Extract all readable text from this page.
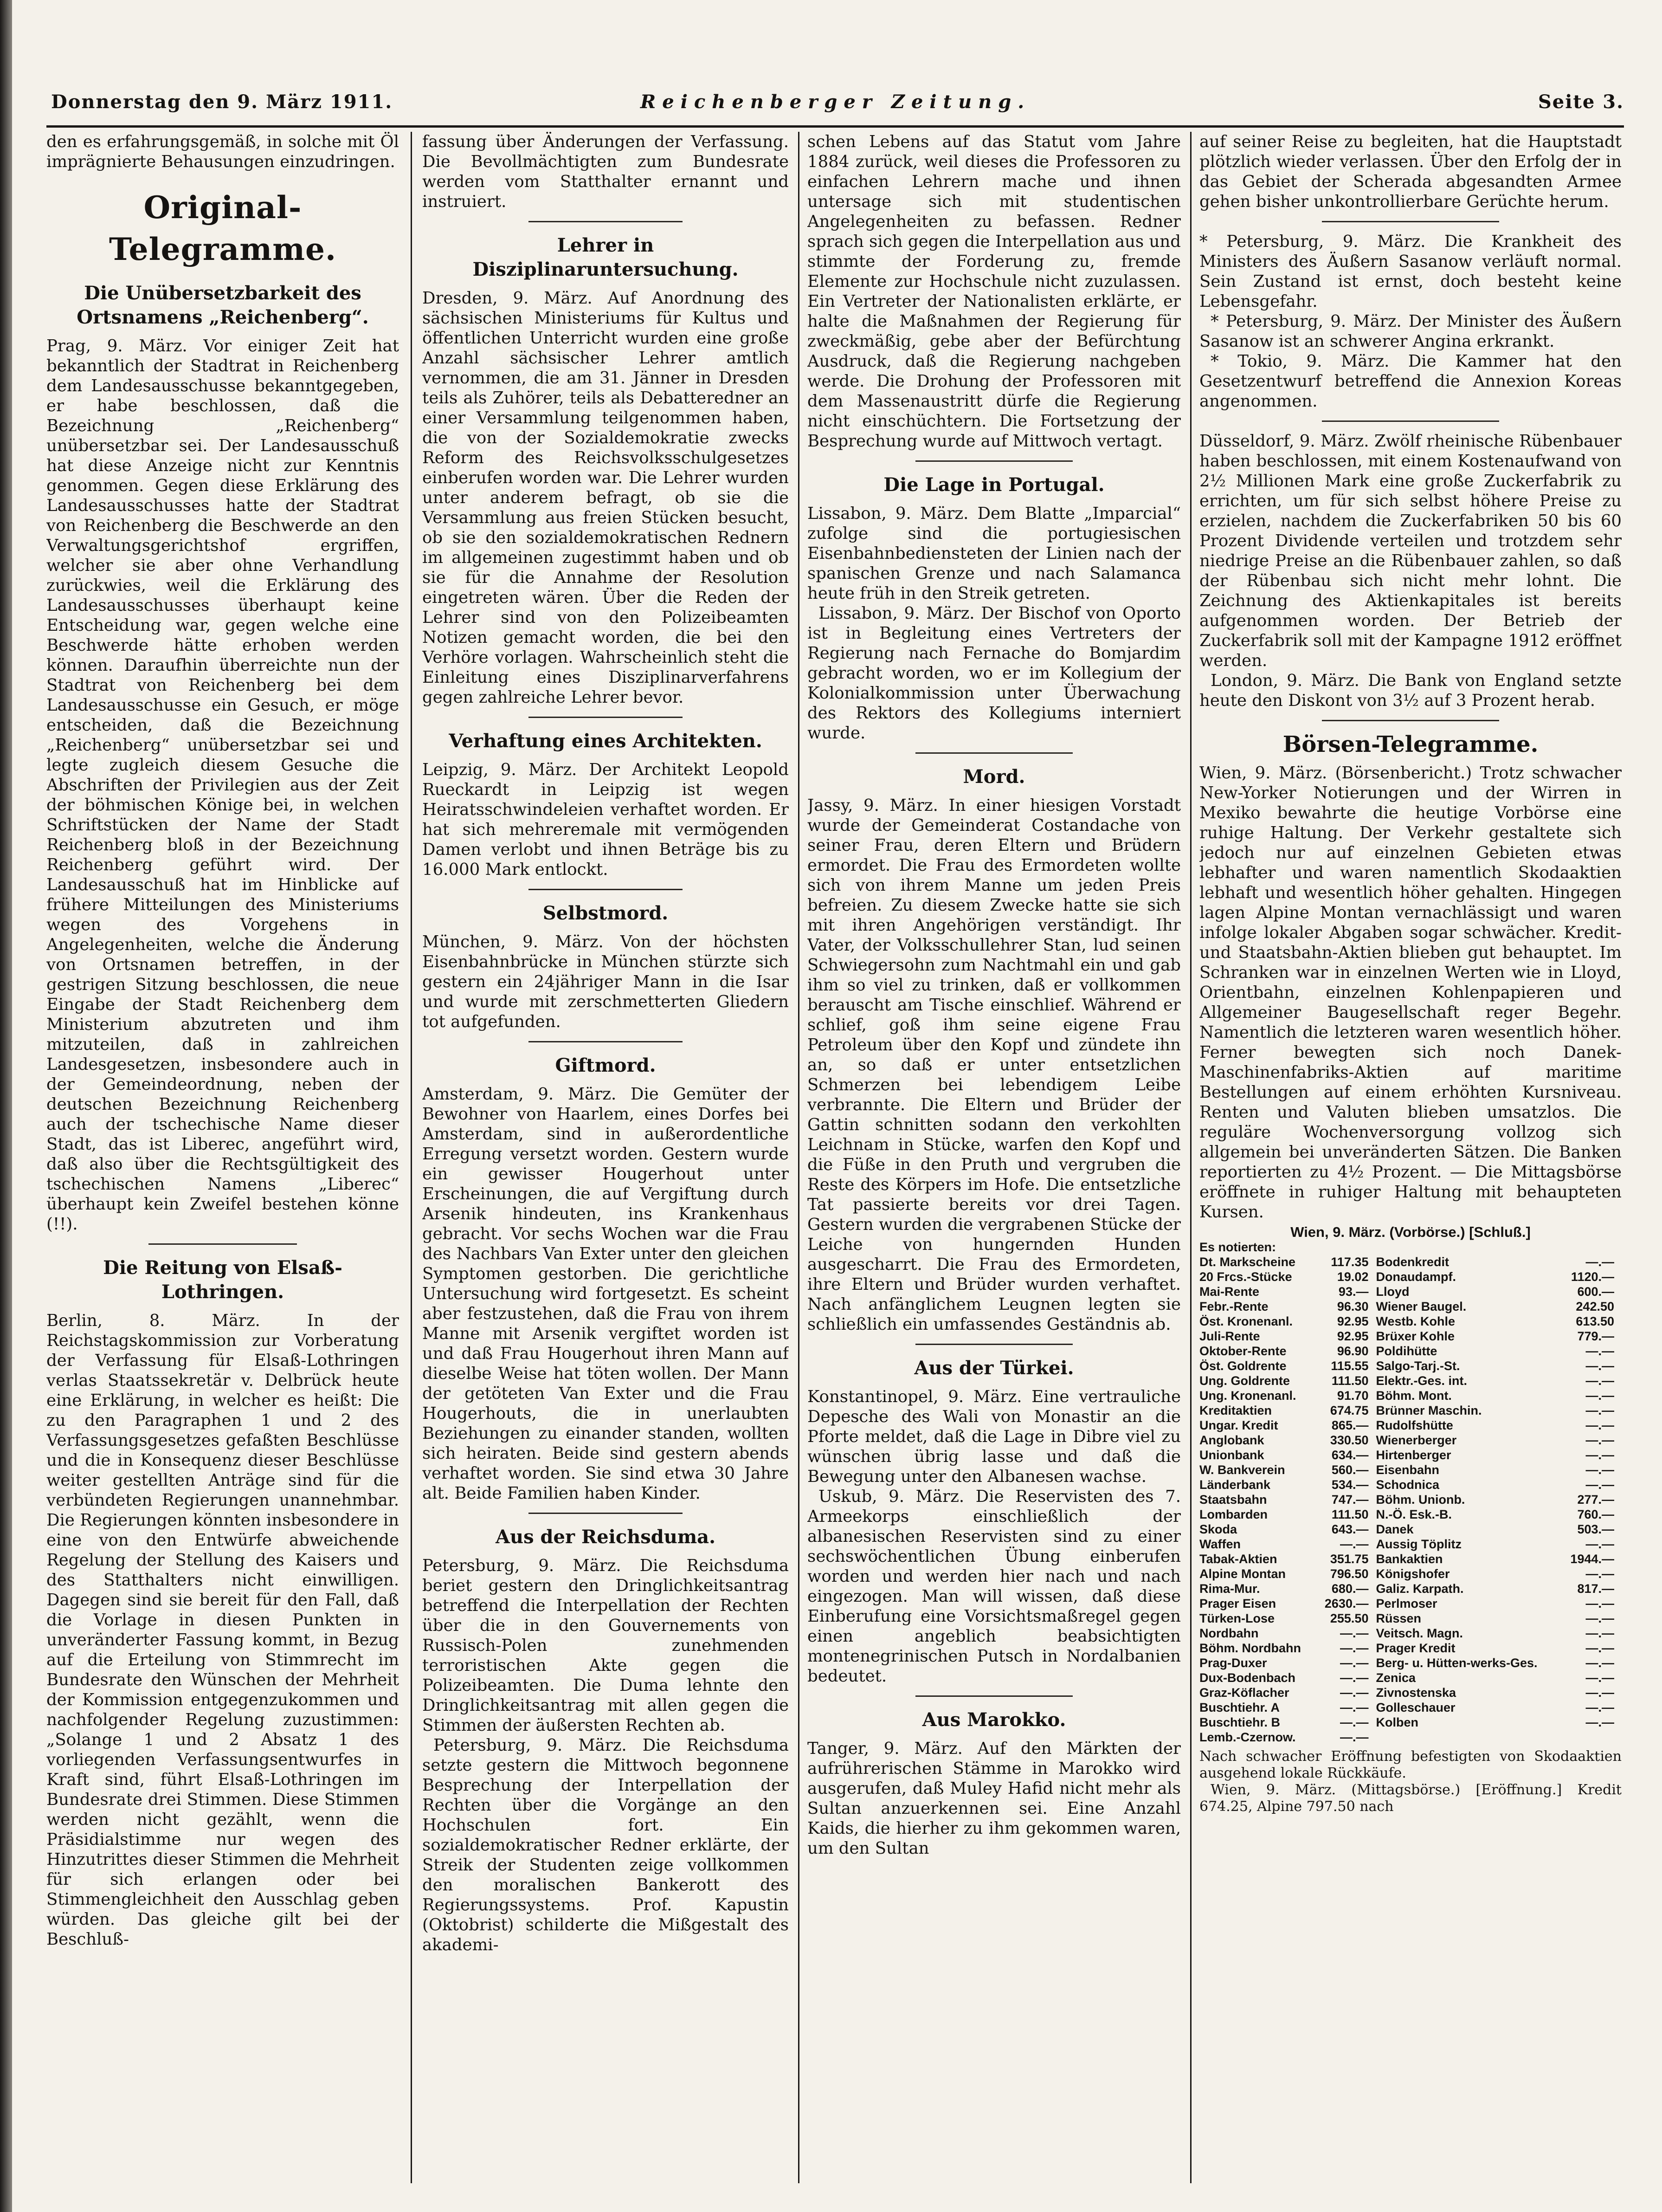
Donnerstag den 9. März 1911.	Reichenberger Zeitung.	Seite 3.

den es erfahrungsgemäß, in solche mit Öl imprägnierte Behausungen einzudringen.

Original-Telegramme.
Die Unübersetzbarkeit des Ortsnamens „Reichenberg“.

Prag, 9. März. Vor einiger Zeit hat bekanntlich der Stadtrat in Reichenberg dem Landesausschusse bekanntgegeben, er habe beschlossen, daß die Bezeichnung „Reichenberg“ unübersetzbar sei. Der Landesausschuß hat diese Anzeige nicht zur Kenntnis genommen. Gegen diese Erklärung des Landesausschusses hatte der Stadtrat von Reichenberg die Beschwerde an den Verwaltungsgerichtshof ergriffen, welcher sie aber ohne Verhandlung zurückwies, weil die Erklärung des Landesausschusses überhaupt keine Entscheidung war, gegen welche eine Beschwerde hätte erhoben werden können. Daraufhin überreichte nun der Stadtrat von Reichenberg bei dem Landesausschusse ein Gesuch, er möge entscheiden, daß die Bezeichnung „Reichenberg“ unübersetzbar sei und legte zugleich diesem Gesuche die Abschriften der Privilegien aus der Zeit der böhmischen Könige bei, in welchen Schriftstücken der Name der Stadt Reichenberg bloß in der Bezeichnung Reichenberg geführt wird. Der Landesausschuß hat im Hinblicke auf frühere Mitteilungen des Ministeriums wegen des Vorgehens in Angelegenheiten, welche die Änderung von Ortsnamen betreffen, in der gestrigen Sitzung beschlossen, die neue Eingabe der Stadt Reichenberg dem Ministerium abzutreten und ihm mitzuteilen, daß in zahlreichen Landesgesetzen, insbesondere auch in der Gemeindeordnung, neben der deutschen Bezeichnung Reichenberg auch der tschechische Name dieser Stadt, das ist Liberec, angeführt wird, daß also über die Rechtsgültigkeit des tschechischen Namens „Liberec“ überhaupt kein Zweifel bestehen könne (!!).

Die Reitung von Elsaß-Lothringen.

Berlin, 8. März. In der Reichstagskommission zur Vorberatung der Verfassung für Elsaß-Lothringen verlas Staatssekretär v. Delbrück heute eine Erklärung, in welcher es heißt: Die zu den Paragraphen 1 und 2 des Verfassungsgesetzes gefaßten Beschlüsse und die in Konsequenz dieser Beschlüsse weiter gestellten Anträge sind für die verbündeten Regierungen unannehmbar. Die Regierungen könnten insbesondere in eine von den Entwürfe abweichende Regelung der Stellung des Kaisers und des Statthalters nicht einwilligen. Dagegen sind sie bereit für den Fall, daß die Vorlage in diesen Punkten in unveränderter Fassung kommt, in Bezug auf die Erteilung von Stimmrecht im Bundesrate den Wünschen der Mehrheit der Kommission entgegenzukommen und nachfolgender Regelung zuzustimmen: „Solange 1 und 2 Absatz 1 des vorliegenden Verfassungsentwurfes in Kraft sind, führt Elsaß-Lothringen im Bundesrate drei Stimmen. Diese Stimmen werden nicht gezählt, wenn die Präsidialstimme nur wegen des Hinzutrittes dieser Stimmen die Mehrheit für sich erlangen oder bei Stimmengleichheit den Ausschlag geben würden. Das gleiche gilt bei der Beschluß-

fassung über Änderungen der Verfassung. Die Bevollmächtigten zum Bundesrate werden vom Statthalter ernannt und instruiert.

Lehrer in Disziplinaruntersuchung.

Dresden, 9. März. Auf Anordnung des sächsischen Ministeriums für Kultus und öffentlichen Unterricht wurden eine große Anzahl sächsischer Lehrer amtlich vernommen, die am 31. Jänner in Dresden teils als Zuhörer, teils als Debatteredner an einer Versammlung teilgenommen haben, die von der Sozialdemokratie zwecks Reform des Reichsvolksschulgesetzes einberufen worden war. Die Lehrer wurden unter anderem befragt, ob sie die Versammlung aus freien Stücken besucht, ob sie den sozialdemokratischen Rednern im allgemeinen zugestimmt haben und ob sie für die Annahme der Resolution eingetreten wären. Über die Reden der Lehrer sind von den Polizeibeamten Notizen gemacht worden, die bei den Verhöre vorlagen. Wahrscheinlich steht die Einleitung eines Disziplinarverfahrens gegen zahlreiche Lehrer bevor.

Verhaftung eines Architekten.

Leipzig, 9. März. Der Architekt Leopold Rueckardt in Leipzig ist wegen Heiratsschwindeleien verhaftet worden. Er hat sich mehreremale mit vermögenden Damen verlobt und ihnen Beträge bis zu 16.000 Mark entlockt.

Selbstmord.

München, 9. März. Von der höchsten Eisenbahnbrücke in München stürzte sich gestern ein 24jähriger Mann in die Isar und wurde mit zerschmetterten Gliedern tot aufgefunden.

Giftmord.

Amsterdam, 9. März. Die Gemüter der Bewohner von Haarlem, eines Dorfes bei Amsterdam, sind in außerordentliche Erregung versetzt worden. Gestern wurde ein gewisser Hougerhout unter Erscheinungen, die auf Vergiftung durch Arsenik hindeuten, ins Krankenhaus gebracht. Vor sechs Wochen war die Frau des Nachbars Van Exter unter den gleichen Symptomen gestorben. Die gerichtliche Untersuchung wird fortgesetzt. Es scheint aber festzustehen, daß die Frau von ihrem Manne mit Arsenik vergiftet worden ist und daß Frau Hougerhout ihren Mann auf dieselbe Weise hat töten wollen. Der Mann der getöteten Van Exter und die Frau Hougerhouts, die in unerlaubten Beziehungen zu einander standen, wollten sich heiraten. Beide sind gestern abends verhaftet worden. Sie sind etwa 30 Jahre alt. Beide Familien haben Kinder.

Aus der Reichsduma.

Petersburg, 9. März. Die Reichsduma beriet gestern den Dringlichkeitsantrag betreffend die Interpellation der Rechten über die in den Gouvernements von Russisch-Polen zunehmenden terroristischen Akte gegen die Polizeibeamten. Die Duma lehnte den Dringlichkeitsantrag mit allen gegen die Stimmen der äußersten Rechten ab.

Petersburg, 9. März. Die Reichsduma setzte gestern die Mittwoch begonnene Besprechung der Interpellation der Rechten über die Vorgänge an den Hochschulen fort. Ein sozialdemokratischer Redner erklärte, der Streik der Studenten zeige vollkommen den moralischen Bankerott des Regierungssystems. Prof. Kapustin (Oktobrist) schilderte die Mißgestalt des akademi-

schen Lebens auf das Statut vom Jahre 1884 zurück, weil dieses die Professoren zu einfachen Lehrern mache und ihnen untersage sich mit studentischen Angelegenheiten zu befassen. Redner sprach sich gegen die Interpellation aus und stimmte der Forderung zu, fremde Elemente zur Hochschule nicht zuzulassen. Ein Vertreter der Nationalisten erklärte, er halte die Maßnahmen der Regierung für zweckmäßig, gebe aber der Befürchtung Ausdruck, daß die Regierung nachgeben werde. Die Drohung der Professoren mit dem Massenaustritt dürfe die Regierung nicht einschüchtern. Die Fortsetzung der Besprechung wurde auf Mittwoch vertagt.

Die Lage in Portugal.

Lissabon, 9. März. Dem Blatte „Imparcial“ zufolge sind die portugiesischen Eisenbahnbediensteten der Linien nach der spanischen Grenze und nach Salamanca heute früh in den Streik getreten.

Lissabon, 9. März. Der Bischof von Oporto ist in Begleitung eines Vertreters der Regierung nach Fernache do Bomjardim gebracht worden, wo er im Kollegium der Kolonialkommission unter Überwachung des Rektors des Kollegiums interniert wurde.

Mord.

Jassy, 9. März. In einer hiesigen Vorstadt wurde der Gemeinderat Costandache von seiner Frau, deren Eltern und Brüdern ermordet. Die Frau des Ermordeten wollte sich von ihrem Manne um jeden Preis befreien. Zu diesem Zwecke hatte sie sich mit ihren Angehörigen verständigt. Ihr Vater, der Volksschullehrer Stan, lud seinen Schwiegersohn zum Nachtmahl ein und gab ihm so viel zu trinken, daß er vollkommen berauscht am Tische einschlief. Während er schlief, goß ihm seine eigene Frau Petroleum über den Kopf und zündete ihn an, so daß er unter entsetzlichen Schmerzen bei lebendigem Leibe verbrannte. Die Eltern und Brüder der Gattin schnitten sodann den verkohlten Leichnam in Stücke, warfen den Kopf und die Füße in den Pruth und vergruben die Reste des Körpers im Hofe. Die entsetzliche Tat passierte bereits vor drei Tagen. Gestern wurden die vergrabenen Stücke der Leiche von hungernden Hunden ausgescharrt. Die Frau des Ermordeten, ihre Eltern und Brüder wurden verhaftet. Nach anfänglichem Leugnen legten sie schließlich ein umfassendes Geständnis ab.

Aus der Türkei.

Konstantinopel, 9. März. Eine vertrauliche Depesche des Wali von Monastir an die Pforte meldet, daß die Lage in Dibre viel zu wünschen übrig lasse und daß die Bewegung unter den Albanesen wachse.

Uskub, 9. März. Die Reservisten des 7. Armeekorps einschließlich der albanesischen Reservisten sind zu einer sechswöchentlichen Übung einberufen worden und werden hier nach und nach eingezogen. Man will wissen, daß diese Einberufung eine Vorsichtsmaßregel gegen einen angeblich beabsichtigten montenegrinischen Putsch in Nordalbanien bedeutet.

Aus Marokko.

Tanger, 9. März. Auf den Märkten der aufrührerischen Stämme in Marokko wird ausgerufen, daß Muley Hafid nicht mehr als Sultan anzuerkennen sei. Eine Anzahl Kaids, die hierher zu ihm gekommen waren, um den Sultan

auf seiner Reise zu begleiten, hat die Hauptstadt plötzlich wieder verlassen. Über den Erfolg der in das Gebiet der Scherada abgesandten Armee gehen bisher unkontrollierbare Gerüchte herum.

* Petersburg, 9. März. Die Krankheit des Ministers des Äußern Sasanow verläuft normal. Sein Zustand ist ernst, doch besteht keine Lebensgefahr.

* Petersburg, 9. März. Der Minister des Äußern Sasanow ist an schwerer Angina erkrankt.

* Tokio, 9. März. Die Kammer hat den Gesetzentwurf betreffend die Annexion Koreas angenommen.

Düsseldorf, 9. März. Zwölf rheinische Rübenbauer haben beschlossen, mit einem Kostenaufwand von 2½ Millionen Mark eine große Zuckerfabrik zu errichten, um für sich selbst höhere Preise zu erzielen, nachdem die Zuckerfabriken 50 bis 60 Prozent Dividende verteilen und trotzdem sehr niedrige Preise an die Rübenbauer zahlen, so daß der Rübenbau sich nicht mehr lohnt. Die Zeichnung des Aktienkapitales ist bereits aufgenommen worden. Der Betrieb der Zuckerfabrik soll mit der Kampagne 1912 eröffnet werden.

London, 9. März. Die Bank von England setzte heute den Diskont von 3½ auf 3 Prozent herab.

Börsen-Telegramme.

Wien, 9. März. (Börsenbericht.) Trotz schwacher New-Yorker Notierungen und der Wirren in Mexiko bewahrte die heutige Vorbörse eine ruhige Haltung. Der Verkehr gestaltete sich jedoch nur auf einzelnen Gebieten etwas lebhafter und waren namentlich Skodaaktien lebhaft und wesentlich höher gehalten. Hingegen lagen Alpine Montan vernachlässigt und waren infolge lokaler Abgaben sogar schwächer. Kredit- und Staatsbahn-Aktien blieben gut behauptet. Im Schranken war in einzelnen Werten wie in Lloyd, Orientbahn, einzelnen Kohlenpapieren und Allgemeiner Baugesellschaft reger Begehr. Namentlich die letzteren waren wesentlich höher. Ferner bewegten sich noch Danek-Maschinenfabriks-Aktien auf maritime Bestellungen auf einem erhöhten Kursniveau. Renten und Valuten blieben umsatzlos. Die reguläre Wochenversorgung vollzog sich allgemein bei unveränderten Sätzen. Die Banken reportierten zu 4½ Prozent. — Die Mittagsbörse eröffnete in ruhiger Haltung mit behaupteten Kursen.

Wien, 9. März. (Vorbörse.) [Schluß.]
Es notierten:
Dt. Markscheine	117.35	Bodenkredit	—.—
20 Frcs.-Stücke	19.02	Donaudampf.	1120.—
Mai-Rente	93.—	Lloyd	600.—
Febr.-Rente	96.30	Wiener Baugel.	242.50
Öst. Kronenanl.	92.95	Westb. Kohle	613.50
Juli-Rente	92.95	Brüxer Kohle	779.—
Oktober-Rente	96.90	Poldihütte	—.—
Öst. Goldrente	115.55	Salgo-Tarj.-St.	—.—
Ung. Goldrente	111.50	Elektr.-Ges. int.	—.—
Ung. Kronenanl.	91.70	Böhm. Mont.	—.—
Kreditaktien	674.75	Brünner Maschin.	—.—
Ungar. Kredit	865.—	Rudolfshütte	—.—
Anglobank	330.50	Wienerberger	—.—
Unionbank	634.—	Hirtenberger	—.—
W. Bankverein	560.—	Eisenbahn	—.—
Länderbank	534.—	Schodnica	—.—
Staatsbahn	747.—	Böhm. Unionb.	277.—
Lombarden	111.50	N.-Ö. Esk.-B.	760.—
Skoda	643.—	Danek	503.—
Waffen	—.—	Aussig Töplitz	—.—
Tabak-Aktien	351.75	Bankaktien	1944.—
Alpine Montan	796.50	Königshofer	—.—
Rima-Mur.	680.—	Galiz. Karpath.	817.—
Prager Eisen	2630.—	Perlmoser	—.—
Türken-Lose	255.50	Rüssen	—.—
Nordbahn	—.—	Veitsch. Magn.	—.—
Böhm. Nordbahn	—.—	Prager Kredit	—.—
Prag-Duxer	—.—	Berg- u. Hütten-werks-Ges.	—.—
Dux-Bodenbach	—.—	Zenica	—.—
Graz-Köflacher	—.—	Zivnostenska	—.—
Buschtiehr. A	—.—	Golleschauer	—.—
Buschtiehr. B	—.—	Kolben	—.—
Lemb.-Czernow.	—.—		

Nach schwacher Eröffnung befestigten von Skodaaktien ausgehend lokale Rückkäufe.

Wien, 9. März. (Mittagsbörse.) [Eröffnung.] Kredit 674.25, Alpine 797.50 nach
